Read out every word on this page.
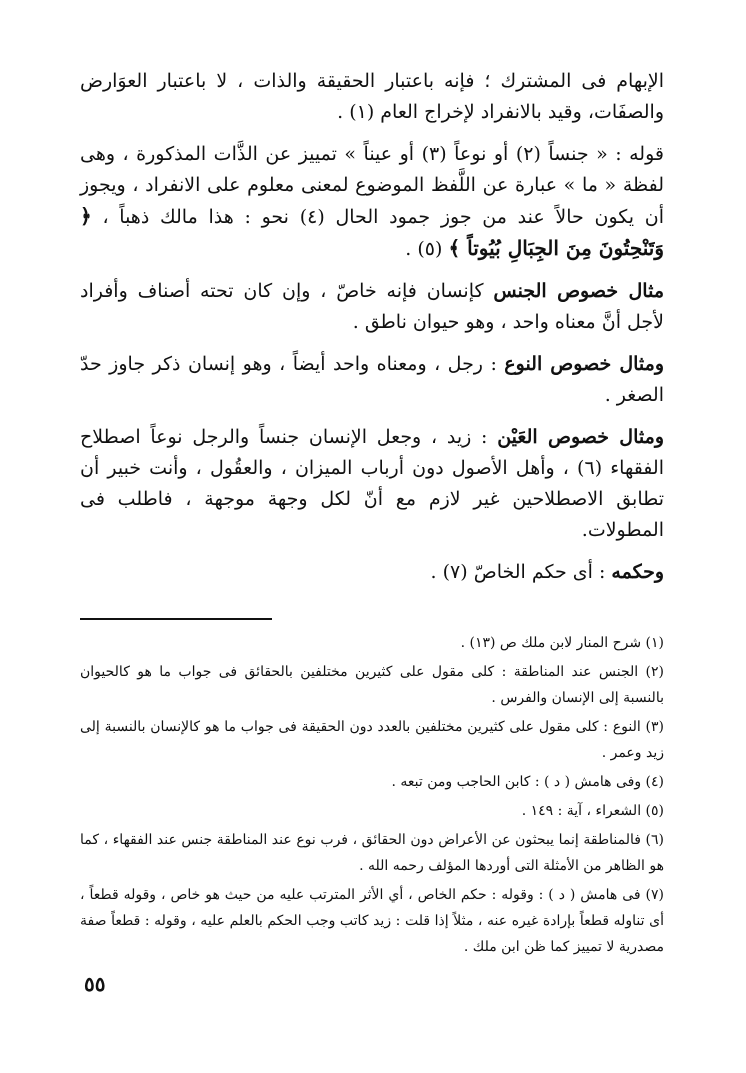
الإبهام فى المشترك ؛ فإنه باعتبار الحقيقة والذات ، لا باعتبار العوَارض والصفَات، وقيد بالانفراد لإخراج العام (١) .

قوله : « جنساً (٢) أو نوعاً (٣) أو عيناً » تمييز عن الذَّات المذكورة ، وهى لفظة « ما » عبارة عن اللَّفظ الموضوع لمعنى معلوم على الانفراد ، ويجوز أن يكون حالاً عند من جوز جمود الحال (٤) نحو : هذا مالك ذهباً ، ﴿ وَتَنْحِتُونَ مِنَ الجِبَالِ بُيُوتاً ﴾ (٥) .

مثال خصوص الجنس كإنسان فإنه خاصّ ، وإن كان تحته أصناف وأفراد لأجل أنَّ معناه واحد ، وهو حيوان ناطق .

ومثال خصوص النوع : رجل ، ومعناه واحد أيضاً ، وهو إنسان ذكر جاوز حدّ الصغر .

ومثال خصوص العَيْن : زيد ، وجعل الإنسان جنساً والرجل نوعاً اصطلاح الفقهاء (٦) ، وأهل الأصول دون أرباب الميزان ، والعقُول ، وأنت خبير أن تطابق الاصطلاحين غير لازم مع أنّ لكل وجهة موجهة ، فاطلب فى المطولات.

وحكمه : أى حكم الخاصّ (٧) .

(١) شرح المنار لابن ملك ص (١٣) .

(٢) الجنس عند المناطقة : كلى مقول على كثيرين مختلفين بالحقائق فى جواب ما هو كالحيوان بالنسبة إلى الإنسان والفرس .

(٣) النوع : كلى مقول على كثيرين مختلفين بالعدد دون الحقيقة فى جواب ما هو كالإنسان بالنسبة إلى زيد وعمر .

(٤) وفى هامش ( د ) : كابن الحاجب ومن تبعه .

(٥) الشعراء ، آية : ١٤٩ .

(٦) فالمناطقة إنما يبحثون عن الأعراض دون الحقائق ، فرب نوع عند المناطقة جنس عند الفقهاء ، كما هو الظاهر من الأمثلة التى أوردها المؤلف رحمه الله .

(٧) فى هامش ( د ) : وقوله : حكم الخاص ، أي الأثر المترتب عليه من حيث هو خاص ، وقوله قطعاً ، أى تناوله قطعاً بإرادة غيره عنه ، مثلاً إذا قلت : زيد كاتب وجب الحكم بالعلم عليه ، وقوله : قطعاً صفة مصدرية لا تمييز كما ظن ابن ملك .

٥٥
